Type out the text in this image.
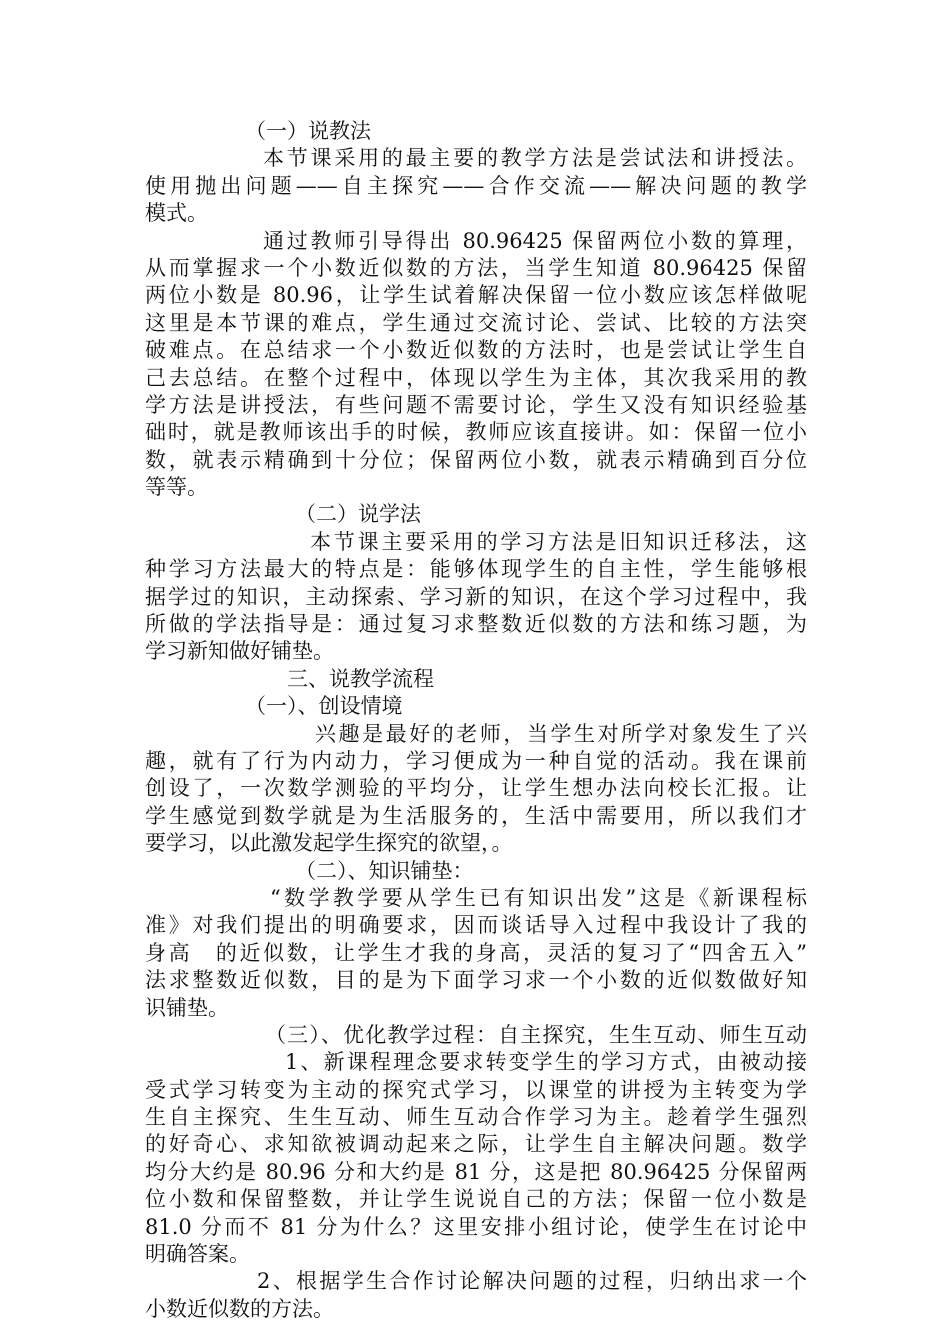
（一）说教法
本节课采用的最主要的教学方法是尝试法和讲授法。
使用抛出问题——自主探究——合作交流——解决问题的教学
模式。
通过教师引导得出 80.96425 保留两位小数的算理，
从而掌握求一个小数近似数的方法，当学生知道 80.96425 保留
两位小数是 80.96，让学生试着解决保留一位小数应该怎样做呢
这里是本节课的难点，学生通过交流讨论、尝试、比较的方法突
破难点。在总结求一个小数近似数的方法时，也是尝试让学生自
己去总结。在整个过程中，体现以学生为主体，其次我采用的教
学方法是讲授法，有些问题不需要讨论，学生又没有知识经验基
础时，就是教师该出手的时候，教师应该直接讲。如：保留一位小
数，就表示精确到十分位；保留两位小数，就表示精确到百分位
等等。
（二）说学法
本节课主要采用的学习方法是旧知识迁移法，这
种学习方法最大的特点是：能够体现学生的自主性，学生能够根
据学过的知识，主动探索、学习新的知识，在这个学习过程中，我
所做的学法指导是：通过复习求整数近似数的方法和练习题，为
学习新知做好铺垫。
三、说教学流程
（一）、创设情境
兴趣是最好的老师，当学生对所学对象发生了兴
趣，就有了行为内动力，学习便成为一种自觉的活动。我在课前
创设了，一次数学测验的平均分，让学生想办法向校长汇报。让
学生感觉到数学就是为生活服务的，生活中需要用，所以我们才
要学习，以此激发起学生探究的欲望，。
（二）、知识铺垫：
“数学教学要从学生已有知识出发”这是《新课程标
准》对我们提出的明确要求，因而谈话导入过程中我设计了我的
身高　的近似数，让学生才我的身高，灵活的复习了“四舍五入”
法求整数近似数，目的是为下面学习求一个小数的近似数做好知
识铺垫。
（三）、优化教学过程：自主探究，生生互动、师生互动
1、新课程理念要求转变学生的学习方式，由被动接
受式学习转变为主动的探究式学习，以课堂的讲授为主转变为学
生自主探究、生生互动、师生互动合作学习为主。趁着学生强烈
的好奇心、求知欲被调动起来之际，让学生自主解决问题。数学
均分大约是 80.96 分和大约是 81 分，这是把 80.96425 分保留两
位小数和保留整数，并让学生说说自己的方法；保留一位小数是
81.0 分而不 81 分为什么？这里安排小组讨论，使学生在讨论中
明确答案。
2、根据学生合作讨论解决问题的过程，归纳出求一个
小数近似数的方法。
